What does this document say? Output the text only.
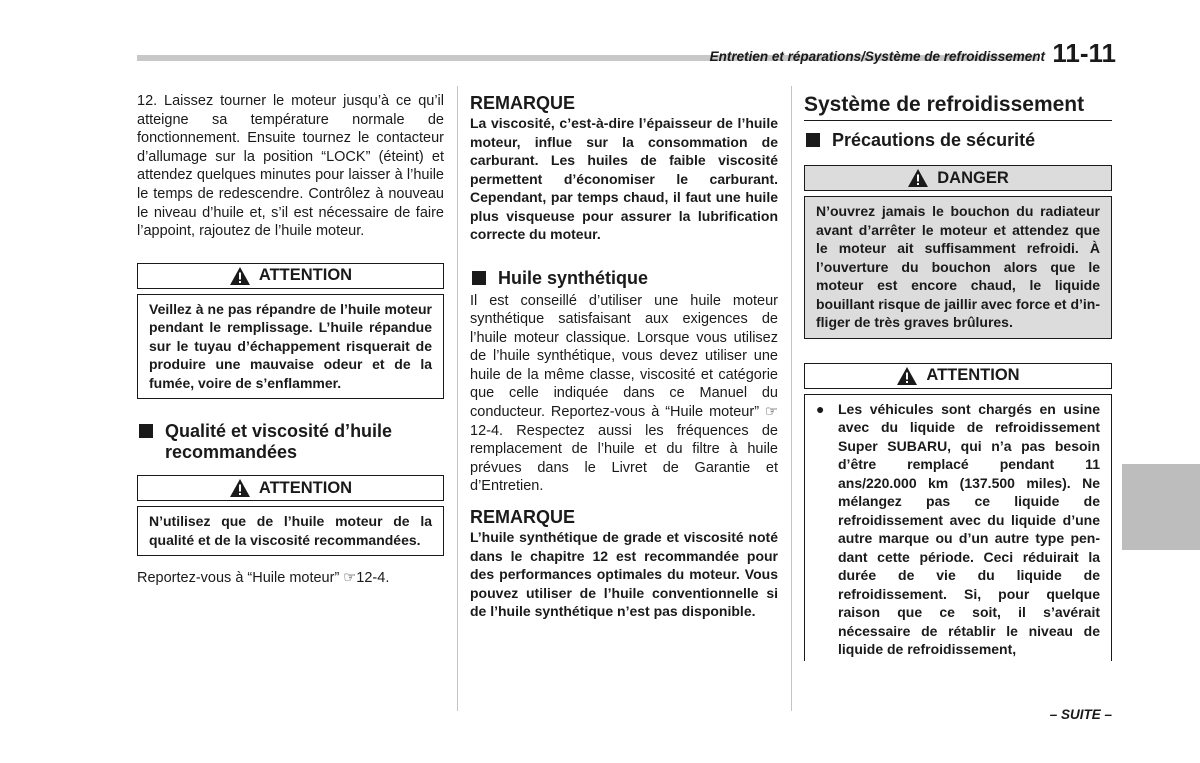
Entretien et réparations/Système de refroidissement 11-11

12. Laissez tourner le moteur jusqu’à ce qu’il atteigne sa température normale de fonctionnement. Ensuite tournez le contacteur d’allumage sur la position “LOCK” (éteint) et attendez quelques minutes pour laisser à l’huile le temps de redescendre. Contrôlez à nouveau le niveau d’huile et, s’il est nécessaire de faire l’appoint, rajoutez de l’huile moteur.

ATTENTION

Veillez à ne pas répandre de l’huile moteur pendant le remplissage. L’huile répandue sur le tuyau d’échappement risquerait de produire une mauvaise odeur et de la fumée, voire de s’enflammer.

Qualité et viscosité d’huile recommandées
ATTENTION

N’utilisez que de l’huile moteur de la qualité et de la viscosité recommandées.

Reportez-vous à “Huile moteur” ☞12-4.

REMARQUE

La viscosité, c’est-à-dire l’épaisseur de l’huile moteur, influe sur la consommation de carburant. Les huiles de faible viscosité permettent d’économiser le carburant. Cependant, par temps chaud, il faut une huile plus visqueuse pour assurer la lubrification correcte du moteur.

Huile synthétique

Il est conseillé d’utiliser une huile moteur synthétique satisfaisant aux exigences de l’huile moteur classique. Lorsque vous utilisez de l’huile synthétique, vous devez utiliser une huile de la même classe, viscosité et catégorie que celle indiquée dans ce Manuel du conducteur. Reportez-vous à “Huile moteur” ☞12-4. Respectez aussi les fréquences de remplacement de l’huile et du filtre à huile prévues dans le Livret de Garantie et d’Entretien.

REMARQUE

L’huile synthétique de grade et viscosité noté dans le chapitre 12 est recommandée pour des performances optimales du moteur. Vous pouvez utiliser de l’huile conventionnelle si de l’huile synthétique n’est pas disponible.

Système de refroidissement
Précautions de sécurité
DANGER

N’ouvrez jamais le bouchon du radiateur avant d’arrêter le moteur et attendez que le moteur ait suffisamment refroidi. À l’ouverture du bouchon alors que le moteur est encore chaud, le liquide bouillant risque de jaillir avec force et d’infliger de très graves brûlures.

ATTENTION
● Les véhicules sont chargés en usine avec du liquide de refroidissement Super SUBARU, qui n’a pas besoin d’être remplacé pendant 11 ans/220.000 km (137.500 miles). Ne mélangez pas ce liquide de refroidissement avec du liquide d’une autre marque ou d’un autre type pendant cette période. Ceci réduirait la durée de vie du liquide de refroidissement. Si, pour quelque raison que ce soit, il s’avérait nécessaire de rétablir le niveau de liquide de refroidissement,

– SUITE –
